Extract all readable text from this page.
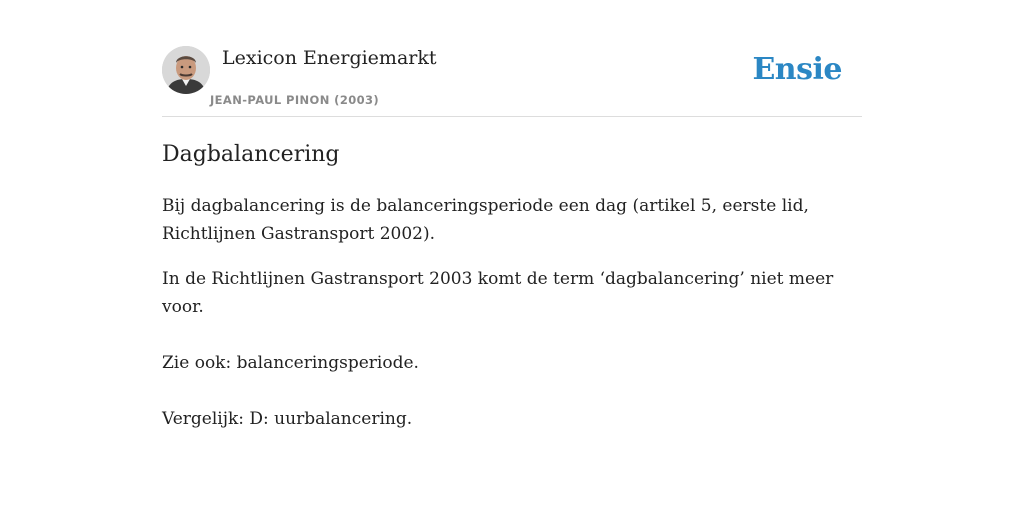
Lexicon Energiemarkt
JEAN-PAUL PINON (2003)
Ensie
Dagbalancering

Bij dagbalancering is de balanceringsperiode een dag (artikel 5, eerste lid, Richtlijnen Gastransport 2002).

In de Richtlijnen Gastransport 2003 komt de term ‘dagbalancering’ niet meer voor.

Zie ook: balanceringsperiode.

Vergelijk: D: uurbalancering.
